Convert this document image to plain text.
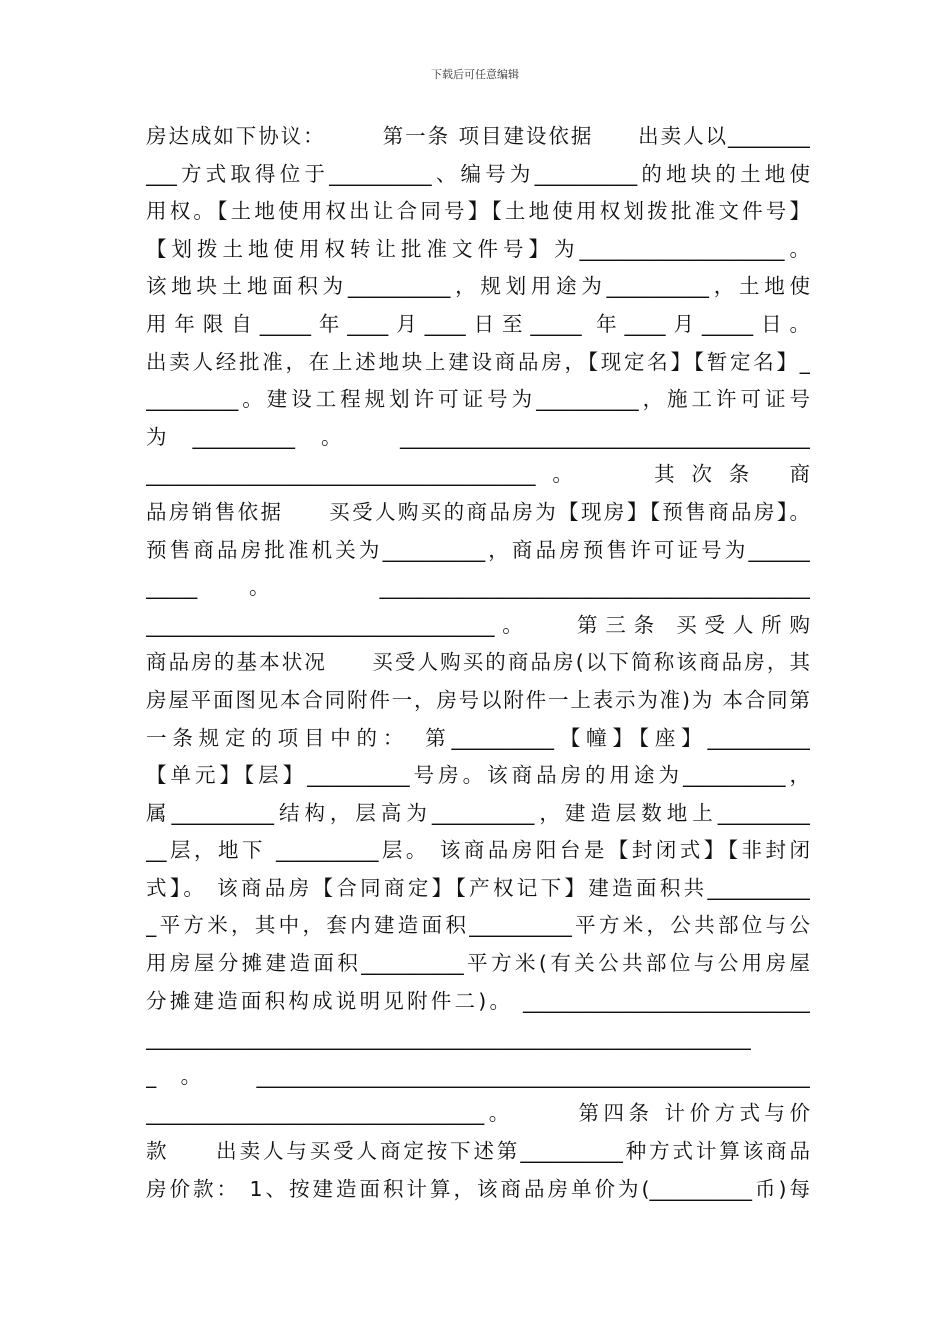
下载后可任意编辑
房达成如下协议：　　　第一条 项目建设依据　　出卖人以________
___方式取得位于__________、编号为__________的地块的土地使
用权。【土地使用权出让合同号】【土地使用权划拨批准文件号】
【划拨土地使用权转让批准文件号】为____________________。
该地块土地面积为__________，规划用途为__________，土地使
用年限自_____年____月____日至_____ 年____月_____日。
出卖人经批准，在上述地块上建设商品房，【现定名】【暂定名】_
_________。建设工程规划许可证号为__________，施工许可证号
为__________。 ________________________________________
______________________________________。　　其次条 商
品房销售依据　　买受人购买的商品房为【现房】【预售商品房】。
预售商品房批准机关为__________，商品房预售许可证号为______
_____。 __________________________________________
__________________________________。　　第三条 买受人所购
商品房的基本状况　　买受人购买的商品房(以下简称该商品房，其
房屋平面图见本合同附件一，房号以附件一上表示为准)为 本合同第
一条规定的项目中的：　第__________【幢】【座】__________
【单元】【层】__________号房。该商品房的用途为__________，
属__________结构，层高为__________，建造层数地上_________
__层，地下 __________层。 该商品房阳台是【封闭式】【非封闭
式】。 该商品房【合同商定】【产权记下】建造面积共__________
_平方米，其中，套内建造面积__________平方米，公共部位与公
用房屋分摊建造面积__________平方米(有关公共部位与公用房屋
分摊建造面积构成说明见附件二)。 ____________________________
___________________________________________________________
_。 ______________________________________________________
_________________________________。　　　第四条 计价方式与价
款　　出卖人与买受人商定按下述第__________种方式计算该商品
房价款： 1、按建造面积计算，该商品房单价为(__________币)每
